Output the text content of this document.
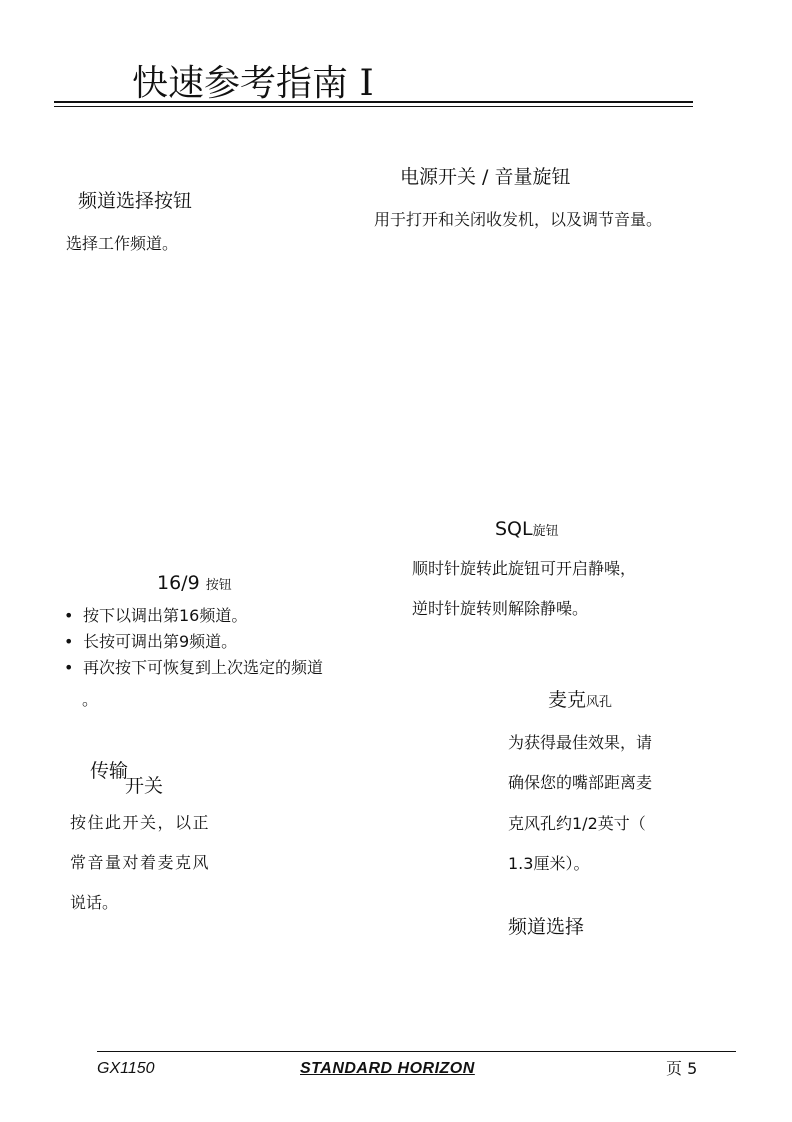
快速参考指南 I
频道选择按钮
选择工作频道。
电源开关 / 音量旋钮
用于打开和关闭收发机，以及调节音量。
SQL旋钮
顺时针旋转此旋钮可开启静噪，
逆时针旋转则解除静噪。
16/9 按钮
• 按下以调出第16频道。
• 长按可调出第9频道。
• 再次按下可恢复到上次选定的频道
。	麦克风孔
为获得最佳效果，请
确保您的嘴部距离麦
克风孔约1/2英寸（
1.3厘米）。
传输
开关
按住此开关，以正
常音量对着麦克风
说话。
频道选择
GX1150	STANDARD HORIZON	页 5
